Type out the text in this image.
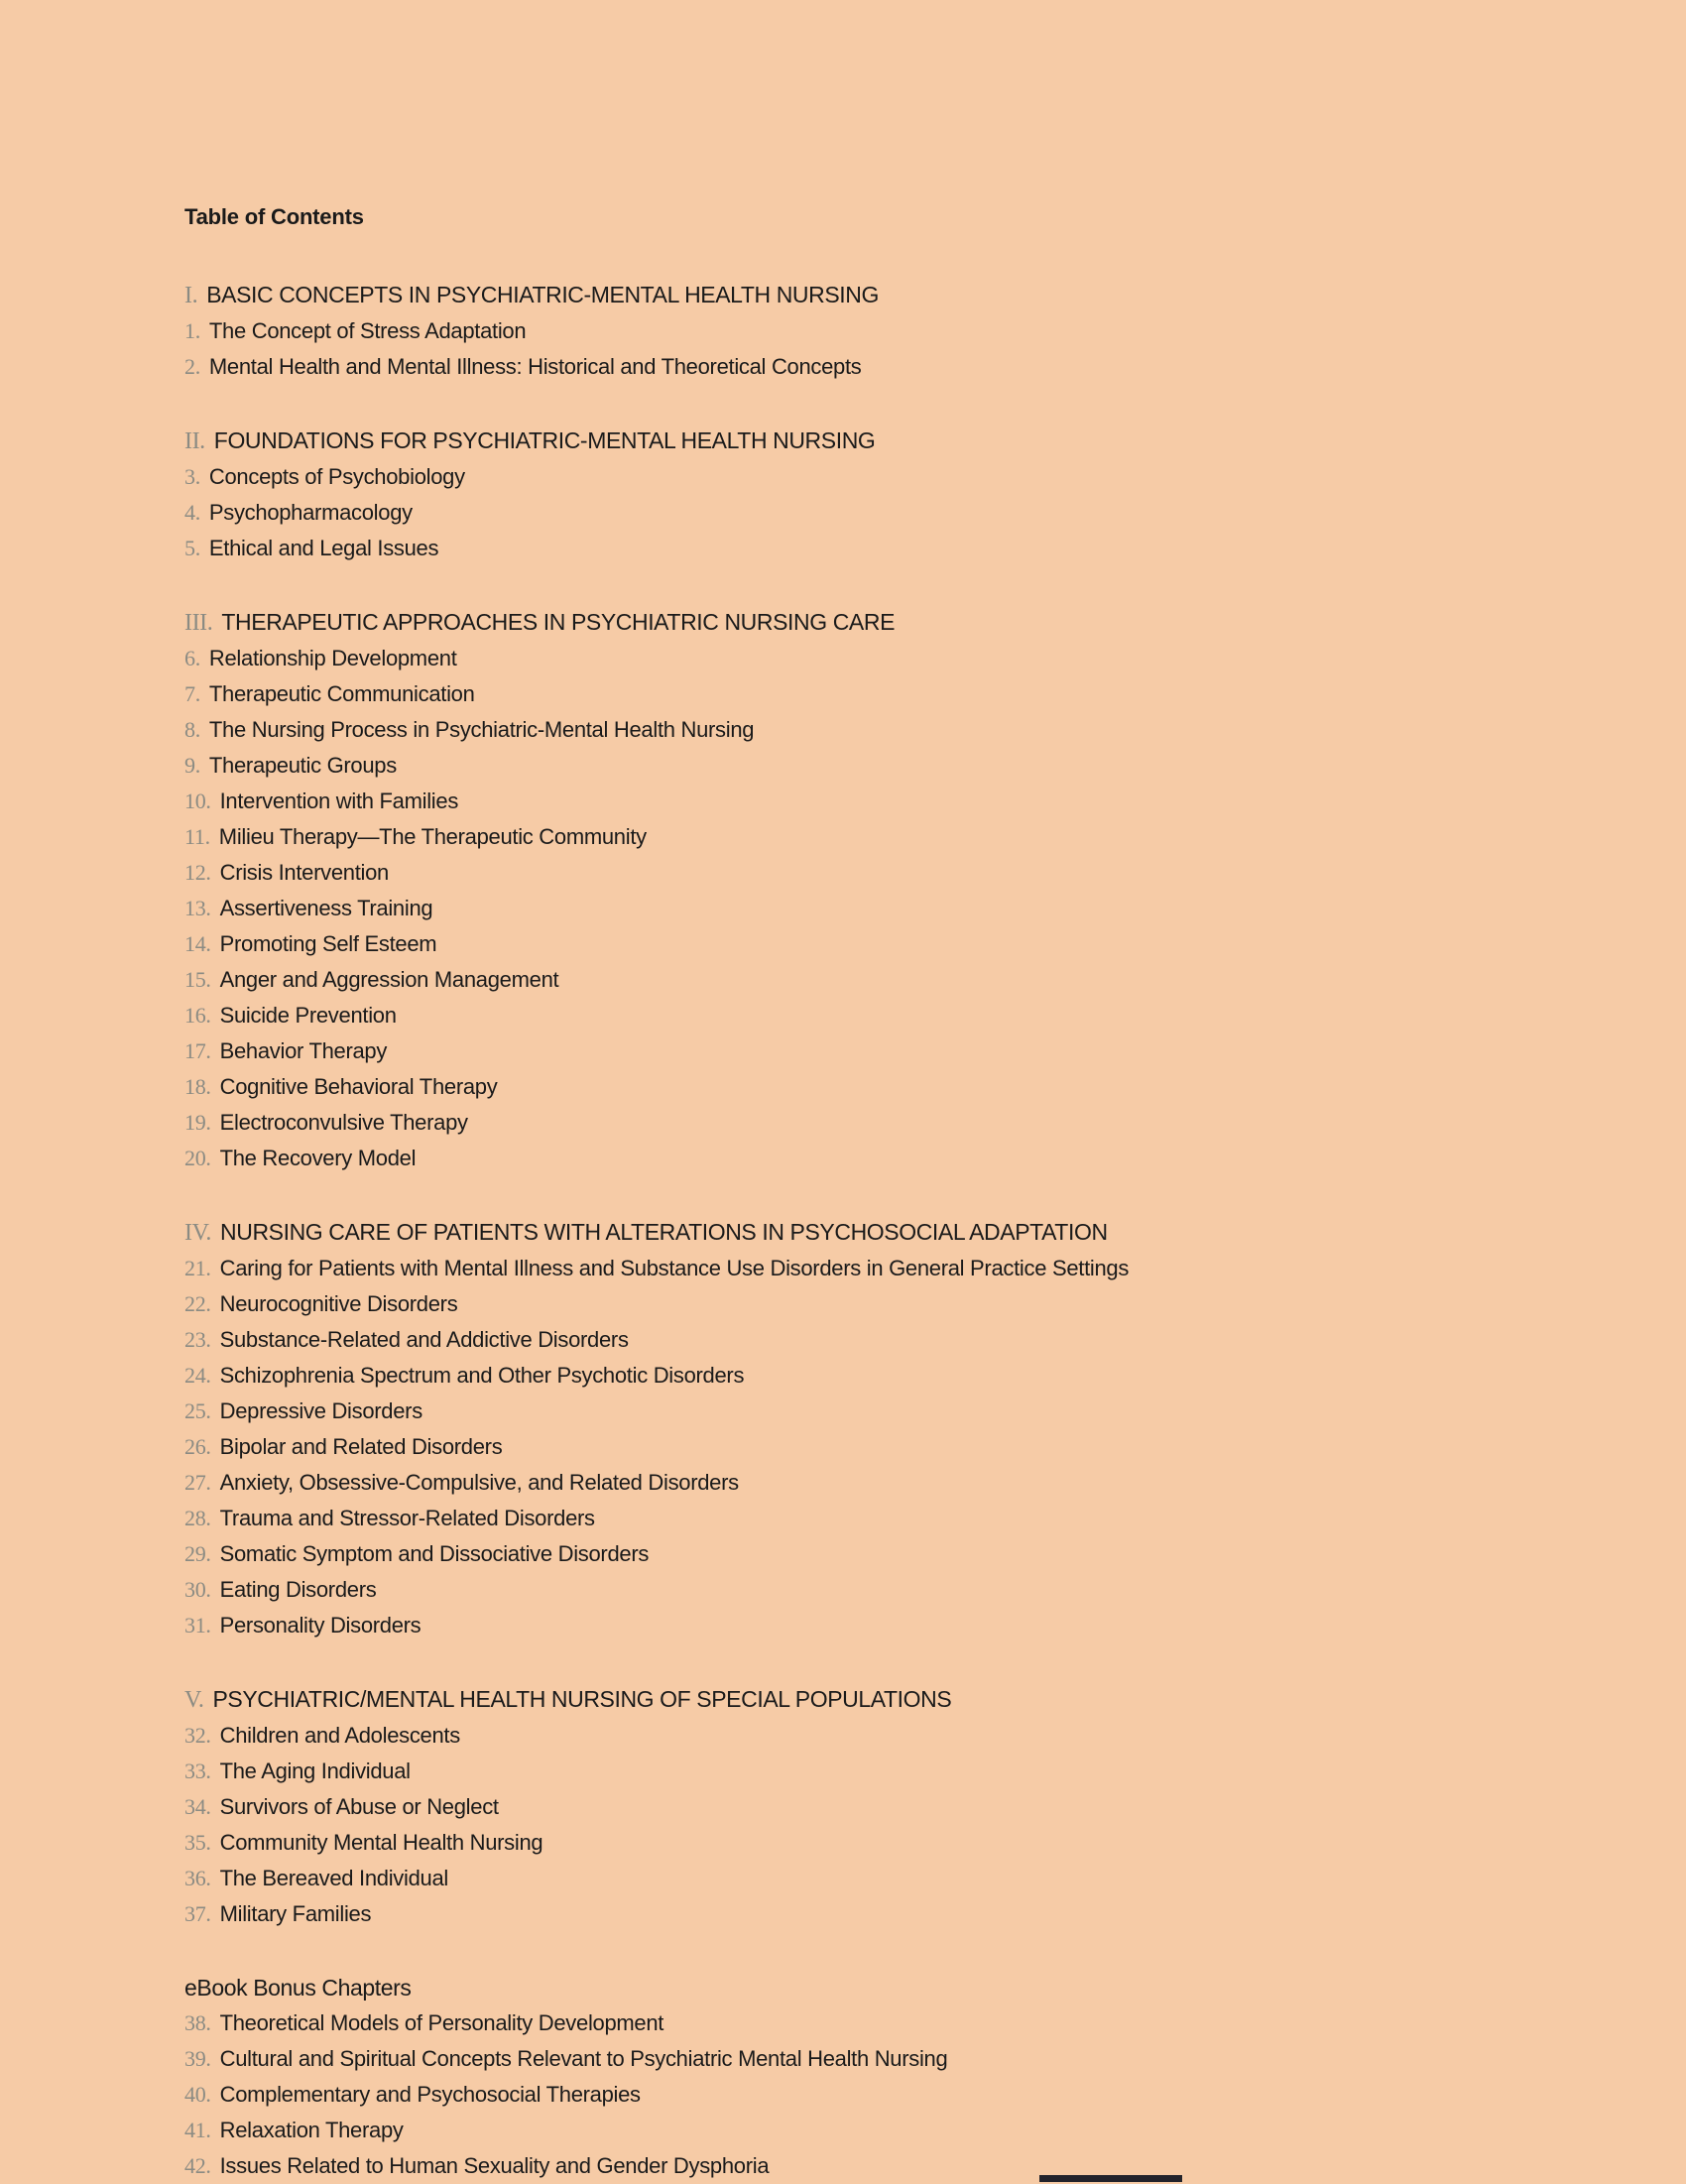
Table of Contents

I. BASIC CONCEPTS IN PSYCHIATRIC-MENTAL HEALTH NURSING

1. The Concept of Stress Adaptation

2. Mental Health and Mental Illness: Historical and Theoretical Concepts

II. FOUNDATIONS FOR PSYCHIATRIC-MENTAL HEALTH NURSING

3. Concepts of Psychobiology

4. Psychopharmacology

5. Ethical and Legal Issues

III. THERAPEUTIC APPROACHES IN PSYCHIATRIC NURSING CARE

6. Relationship Development

7. Therapeutic Communication

8. The Nursing Process in Psychiatric-Mental Health Nursing

9. Therapeutic Groups

10. Intervention with Families

11. Milieu Therapy—The Therapeutic Community

12. Crisis Intervention

13. Assertiveness Training

14. Promoting Self Esteem

15. Anger and Aggression Management

16. Suicide Prevention

17. Behavior Therapy

18. Cognitive Behavioral Therapy

19. Electroconvulsive Therapy

20. The Recovery Model

IV. NURSING CARE OF PATIENTS WITH ALTERATIONS IN PSYCHOSOCIAL ADAPTATION

21. Caring for Patients with Mental Illness and Substance Use Disorders in General Practice Settings

22. Neurocognitive Disorders

23. Substance-Related and Addictive Disorders

24. Schizophrenia Spectrum and Other Psychotic Disorders

25. Depressive Disorders

26. Bipolar and Related Disorders

27. Anxiety, Obsessive-Compulsive, and Related Disorders

28. Trauma and Stressor-Related Disorders

29. Somatic Symptom and Dissociative Disorders

30. Eating Disorders

31. Personality Disorders

V. PSYCHIATRIC/MENTAL HEALTH NURSING OF SPECIAL POPULATIONS

32. Children and Adolescents

33. The Aging Individual

34. Survivors of Abuse or Neglect

35. Community Mental Health Nursing

36. The Bereaved Individual

37. Military Families

eBook Bonus Chapters

38. Theoretical Models of Personality Development

39. Cultural and Spiritual Concepts Relevant to Psychiatric Mental Health Nursing

40. Complementary and Psychosocial Therapies

41. Relaxation Therapy

42. Issues Related to Human Sexuality and Gender Dysphoria
